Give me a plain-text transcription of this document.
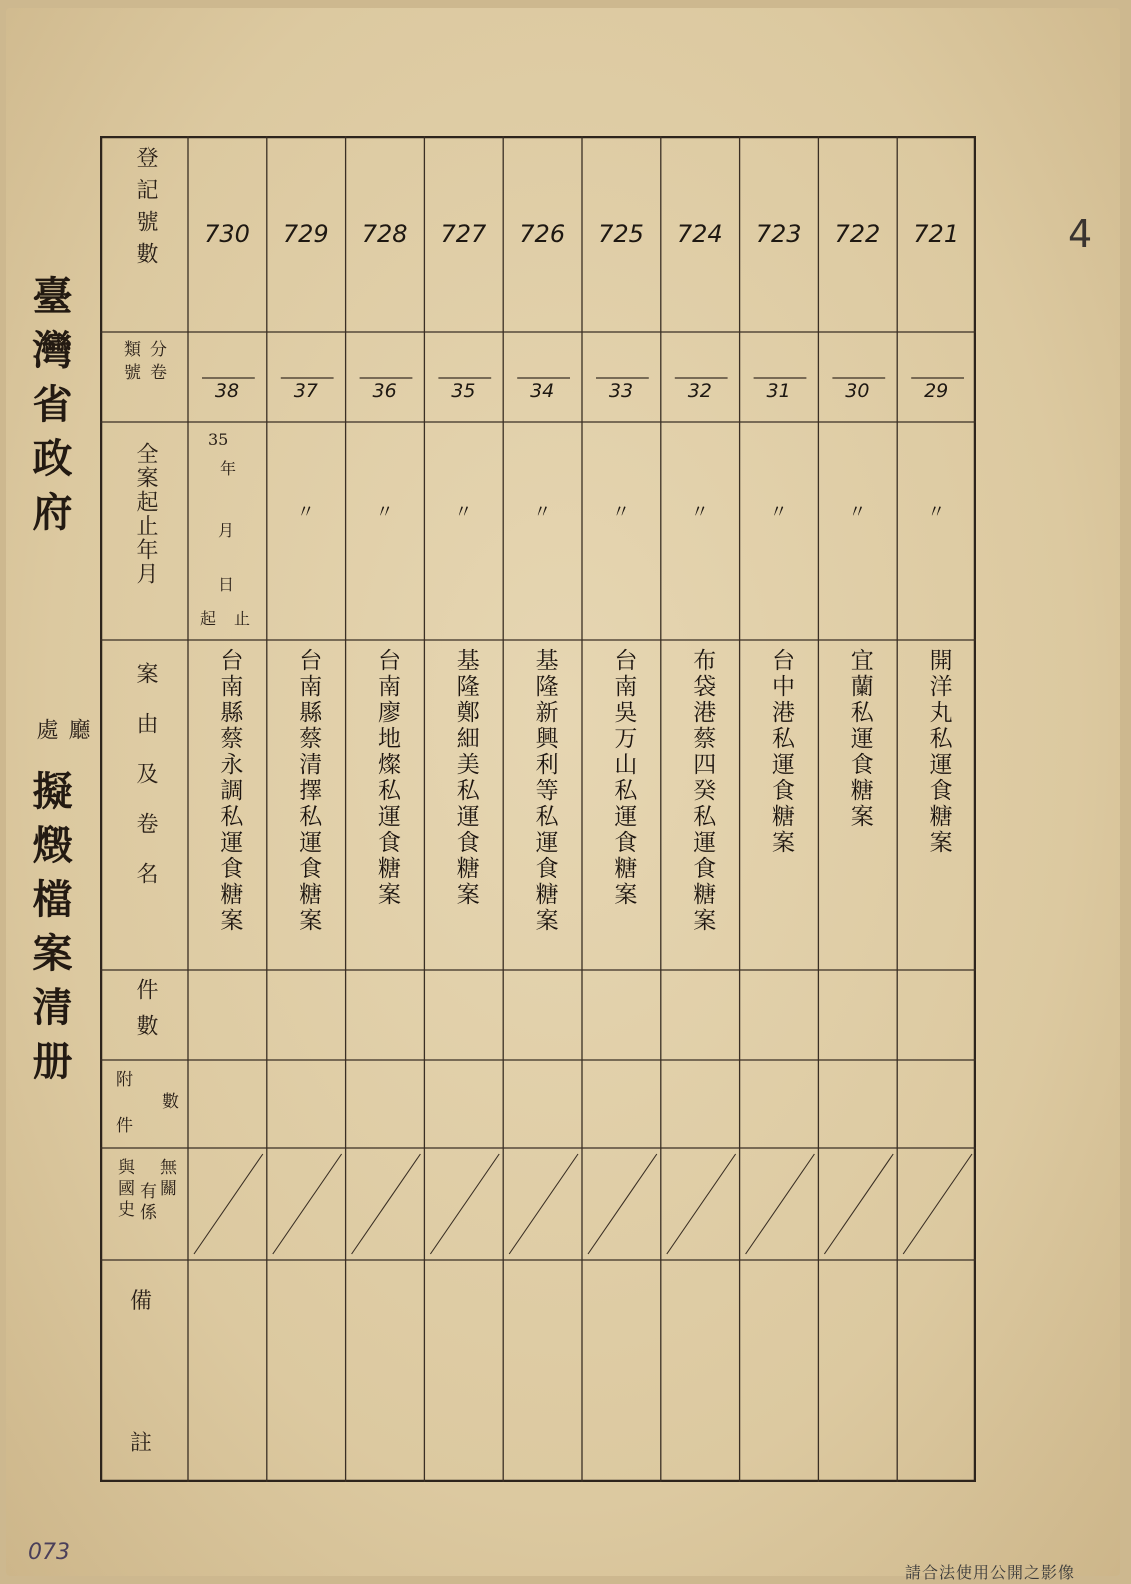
臺灣省政府
廳
處
擬燬檔案清册
登記號數
分卷
類號
全案起止年月
案由及卷名
件數
附
件
數
無關
有係
與國史
備
註
35
年
月
日
起 止
730
38
台南縣蔡永調私運食糖案
729
37
〃
台南縣蔡清擇私運食糖案
728
36
〃
台南廖地燦私運食糖案
727
35
〃
基隆鄭細美私運食糖案
726
34
〃
基隆新興利等私運食糖案
725
33
〃
台南吳万山私運食糖案
724
32
〃
布袋港蔡四癸私運食糖案
723
31
〃
台中港私運食糖案
722
30
〃
宜蘭私運食糖案
721
29
〃
開洋丸私運食糖案
4
073
請合法使用公開之影像
